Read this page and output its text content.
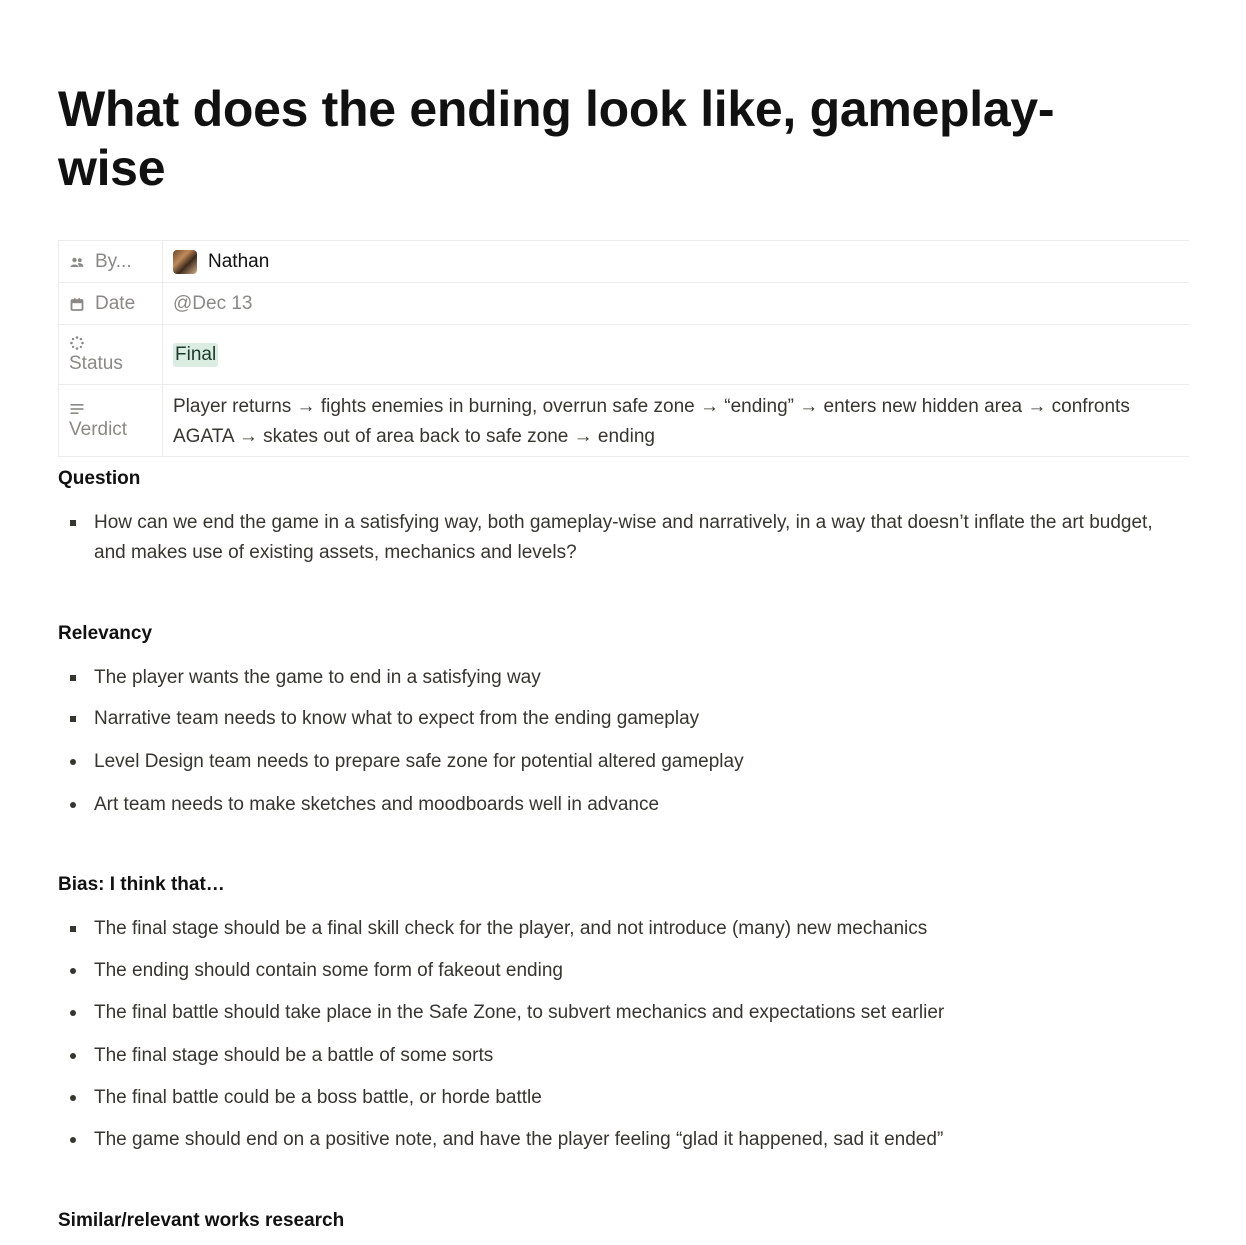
What does the ending look like, gameplay-wise
By...	Nathan
Date @Dec 13
Status	Final
Verdict
Player returns → fights enemies in burning, overrun safe zone → “ending” → enters new hidden area → confronts AGATA → skates out of area back to safe zone → ending
Question
How can we end the game in a satisfying way, both gameplay-wise and narratively, in a way that doesn’t inflate the art budget, and makes use of existing assets, mechanics and levels?
Relevancy
The player wants the game to end in a satisfying way
Narrative team needs to know what to expect from the ending gameplay
Level Design team needs to prepare safe zone for potential altered gameplay
Art team needs to make sketches and moodboards well in advance
Bias: I think that…
The final stage should be a final skill check for the player, and not introduce (many) new mechanics
The ending should contain some form of fakeout ending
The final battle should take place in the Safe Zone, to subvert mechanics and expectations set earlier
The final stage should be a battle of some sorts
The final battle could be a boss battle, or horde battle
The game should end on a positive note, and have the player feeling “glad it happened, sad it ended”
Similar/relevant works research
